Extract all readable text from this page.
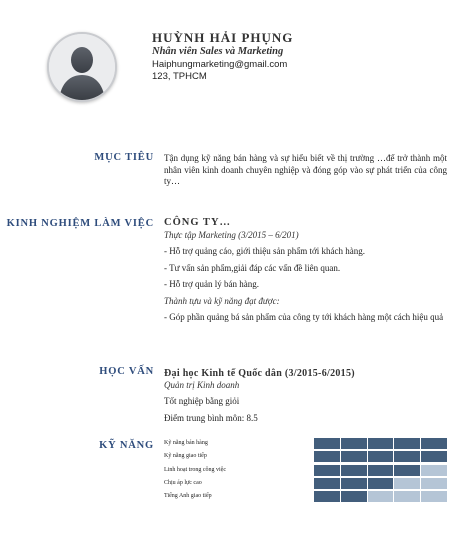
HUỲNH HẢI PHỤNG
Nhân viên Sales và Marketing
Haiphungmarketing@gmail.com
123, TPHCM
MỤC TIÊU Tận dụng kỹ năng bán hàng và sự hiểu biết về thị trường …để trở thành một nhân viên kinh doanh chuyên nghiệp và đóng góp vào sự phát triển của công ty…
KINH NGHIỆM LÀM VIỆC CÔNG TY…
Thực tập Marketing (3/2015 – 6/201)
- Hỗ trợ quảng cáo, giới thiệu sản phẩm tới khách hàng.
- Tư vấn sản phẩm,giải đáp các vấn đề liên quan.
- Hỗ trợ quản lý bán hàng.
Thành tựu và kỹ năng đạt được:
- Góp phần quảng bá sản phẩm của công ty tới khách hàng một cách hiệu quả
HỌC VẤN Đại học Kinh tế Quốc dân (3/2015-6/2015)
Quản trị Kinh doanh
Tốt nghiệp bằng giỏi
Điểm trung bình môn: 8.5
KỸ NĂNG Kỹ năng bán hàng
Kỹ năng giao tiếp
Linh hoạt trong công việc
Chịu áp lực cao
Tiếng Anh giao tiếp
